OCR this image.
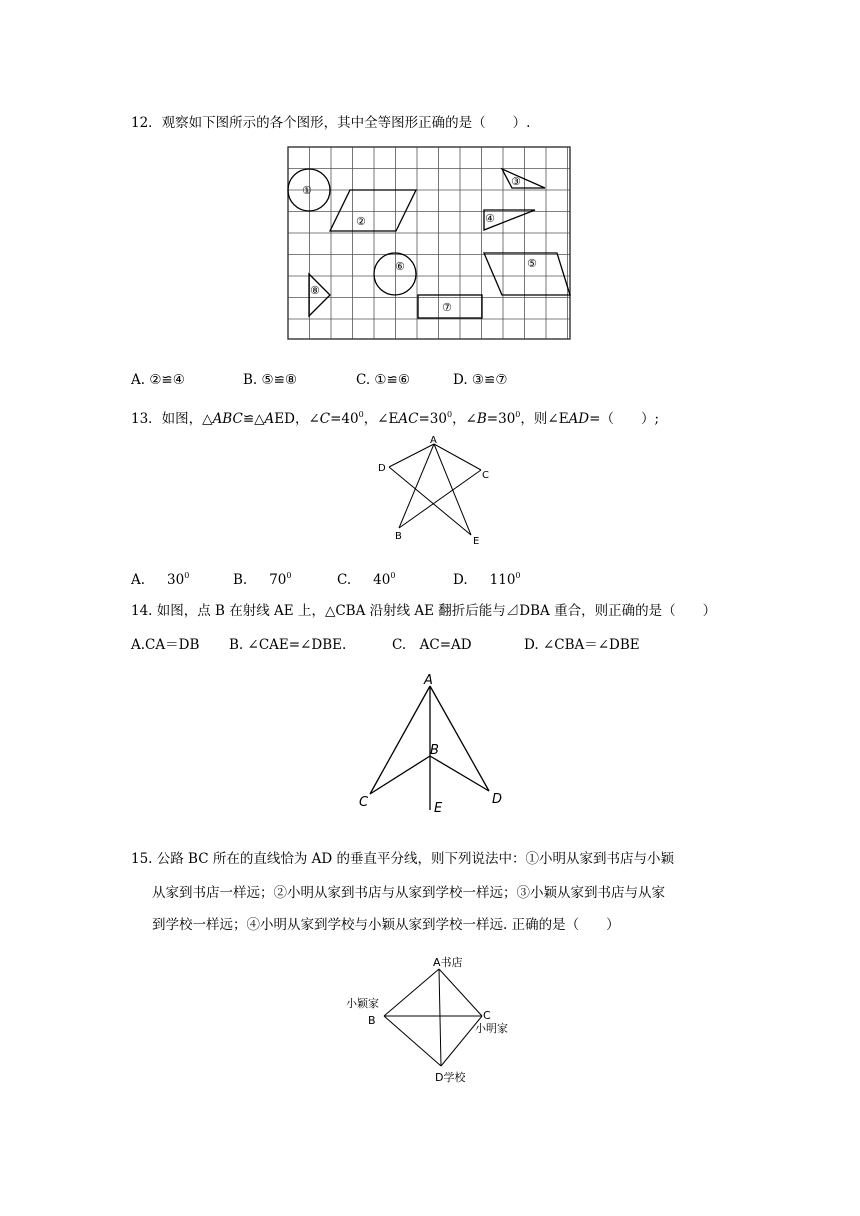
12．观察如下图所示的各个图形，其中全等图形正确的是（　　）.
①
②
③
④
⑤
⑥
⑦
⑧
A. ②≌④	B. ⑤≌⑧	C. ①≌⑥	D. ③≌⑦
13．如图，△ABC≌△AED，$\angle C=40^0$，$\angle EAC=30^0$，$\angle B=30^0$，则∠EAD=（　　）;
A
D
C
B	E
A. $30^0$	B. $70^0$	C. $40^0$	D. $110^0$
14. 如图，点 B 在射线 AE 上，△CBA 沿射线 AE 翻折后能与⊿DBA 重合，则正确的是（　　）
A.CA＝DB B. ∠CAE=∠DBE.	C.　AC=AD	D. ∠CBA＝∠DBE
A
B
C	D
E
15. 公路 BC 所在的直线恰为 AD 的垂直平分线，则下列说法中：①小明从家到书店与小颖
从家到书店一样远；②小明从家到书店与从家到学校一样远；③小颖从家到书店与从家
到学校一样远；④小明从家到学校与小颖从家到学校一样远. 正确的是（　　）
A书店
小颖家
B	C
小明家
D学校
